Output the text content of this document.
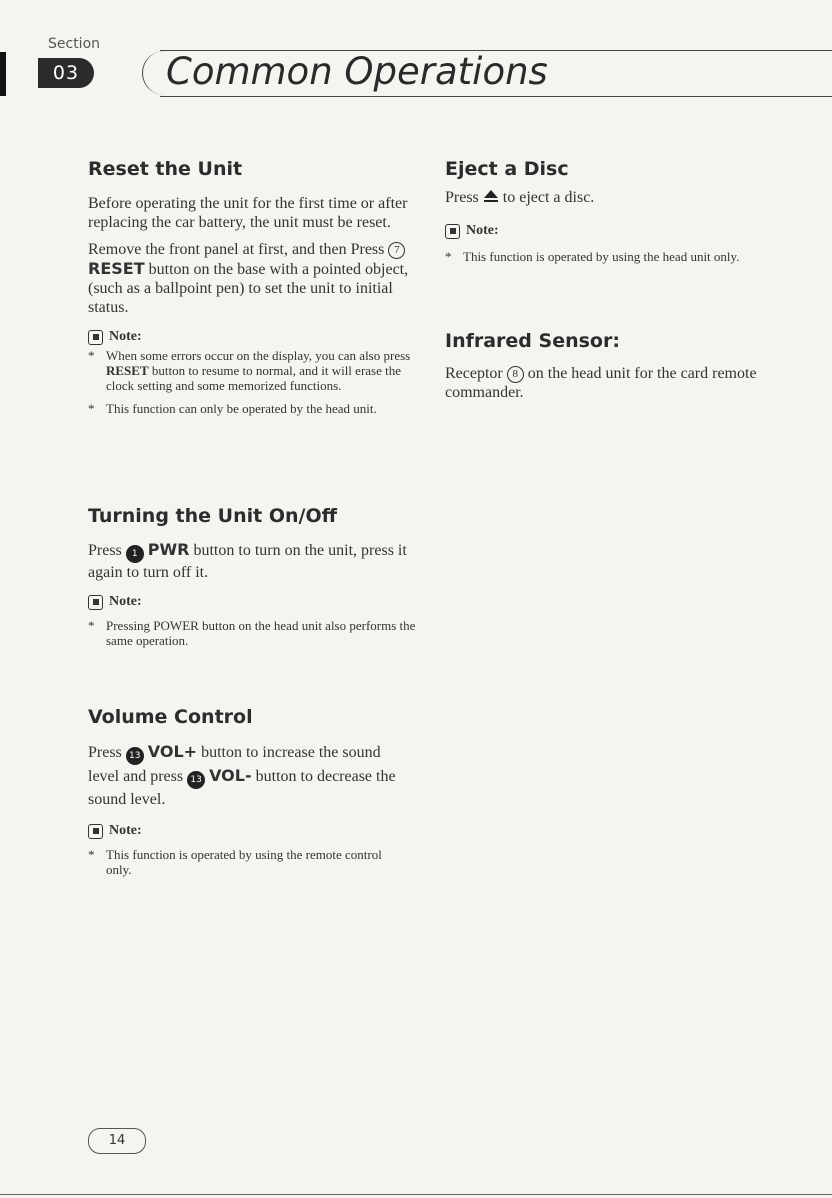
Section
03	Common Operations
Reset the Unit

Before operating the unit for the first time or after replacing the car battery, the unit must be reset.

Remove the front panel at first, and then Press 7 RESET button on the base with a pointed object, (such as a ballpoint pen) to set the unit to initial status.

Note:
* When some errors occur on the display, you can also press RESET button to resume to normal, and it will erase the clock setting and some memorized functions.
* This function can only be operated by the head unit.
Turning the Unit On/Off

Press 1 PWR button to turn on the unit, press it again to turn off it.

Note:
* Pressing POWER button on the head unit also performs the same operation.
Volume Control

Press 13 VOL+ button to increase the sound level and press 13 VOL- button to decrease the sound level.

Note:
* This function is operated by using the remote control only.
Eject a Disc

Press to eject a disc.

Note:
* This function is operated by using the head unit only.
Infrared Sensor:

Receptor 8 on the head unit for the card remote commander.

14
